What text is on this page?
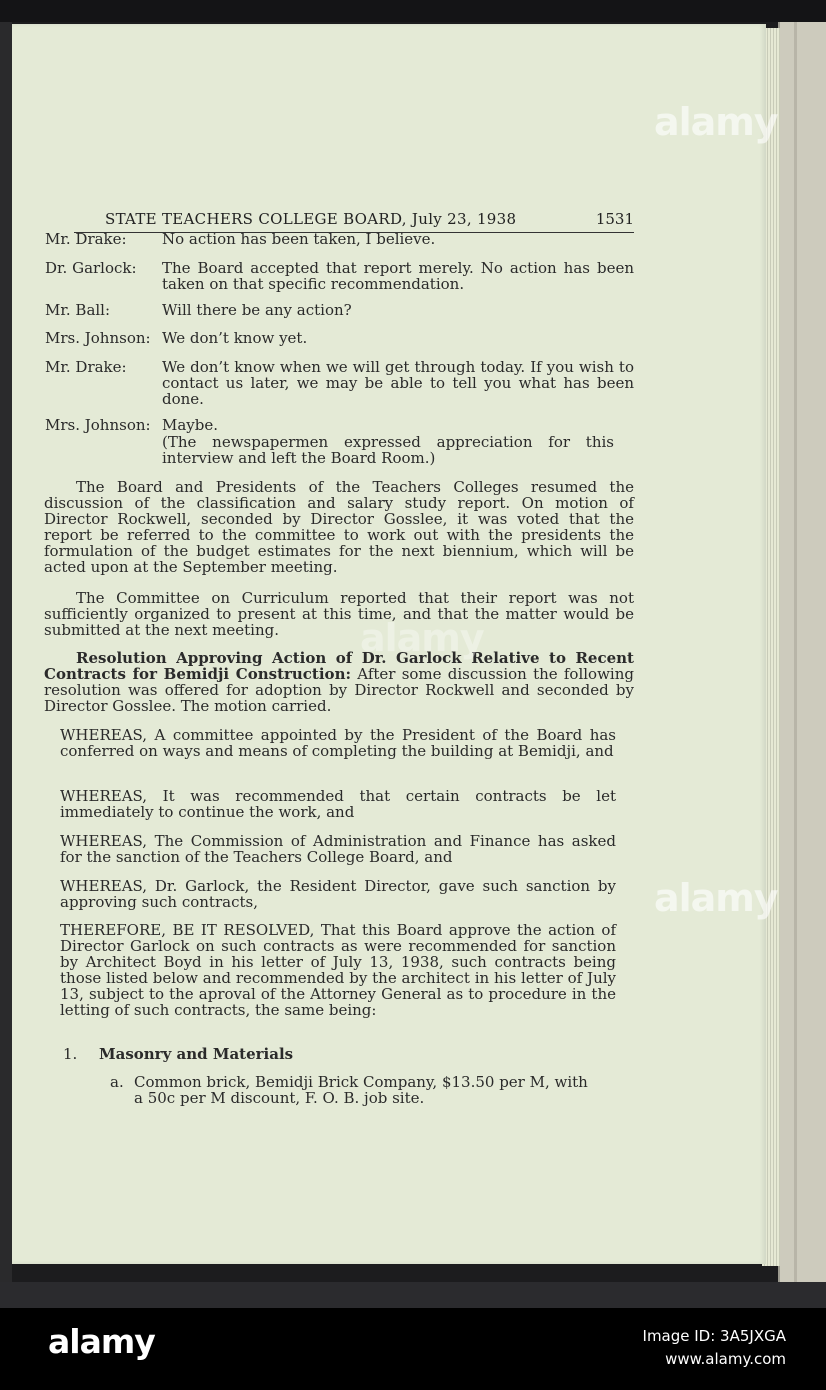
STATE TEACHERS COLLEGE BOARD, July 23, 1938	1531
Mr. Drake: No action has been taken, I believe.
Dr. Garlock: The Board accepted that report merely. No action has been taken on that specific recommendation.
Mr. Ball:	Will there be any action?
Mrs. Johnson: We don’t know yet.
Mr. Drake: We don’t know when we will get through today. If you wish to contact us later, we may be able to tell you what has been done.
Mrs. Johnson: Maybe.
(The newspapermen expressed appreciation for this interview and left the Board Room.)
The Board and Presidents of the Teachers Colleges resumed the discussion of the classification and salary study report. On motion of Director Rockwell, seconded by Director Gosslee, it was voted that the report be referred to the committee to work out with the presidents the formulation of the budget estimates for the next biennium, which will be acted upon at the September meeting.
The Committee on Curriculum reported that their report was not sufficiently organized to present at this time, and that the matter would be submitted at the next meeting.
Resolution Approving Action of Dr. Garlock Relative to Recent Contracts for Bemidji Construction: After some discussion the following resolution was offered for adoption by Director Rockwell and seconded by Director Gosslee. The motion carried.
WHEREAS, A committee appointed by the President of the Board has conferred on ways and means of completing the building at Bemidji, and
WHEREAS, It was recommended that certain contracts be let immediately to continue the work, and
WHEREAS, The Commission of Administration and Finance has asked for the sanction of the Teachers College Board, and
WHEREAS, Dr. Garlock, the Resident Director, gave such sanction by approving such contracts,
THEREFORE, BE IT RESOLVED, That this Board approve the action of Director Garlock on such contracts as were recommended for sanction by Architect Boyd in his letter of July 13, 1938, such contracts being those listed below and recommended by the architect in his letter of July 13, subject to the aproval of the Attorney General as to procedure in the letting of such contracts, the same being:
1. Masonry and Materials
a. Common brick, Bemidji Brick Company, $13.50 per M, with a 50c per M discount, F. O. B. job site.
alamy
alamy
alamy
alamy	Image ID: 3A5JXGA
www.alamy.com
